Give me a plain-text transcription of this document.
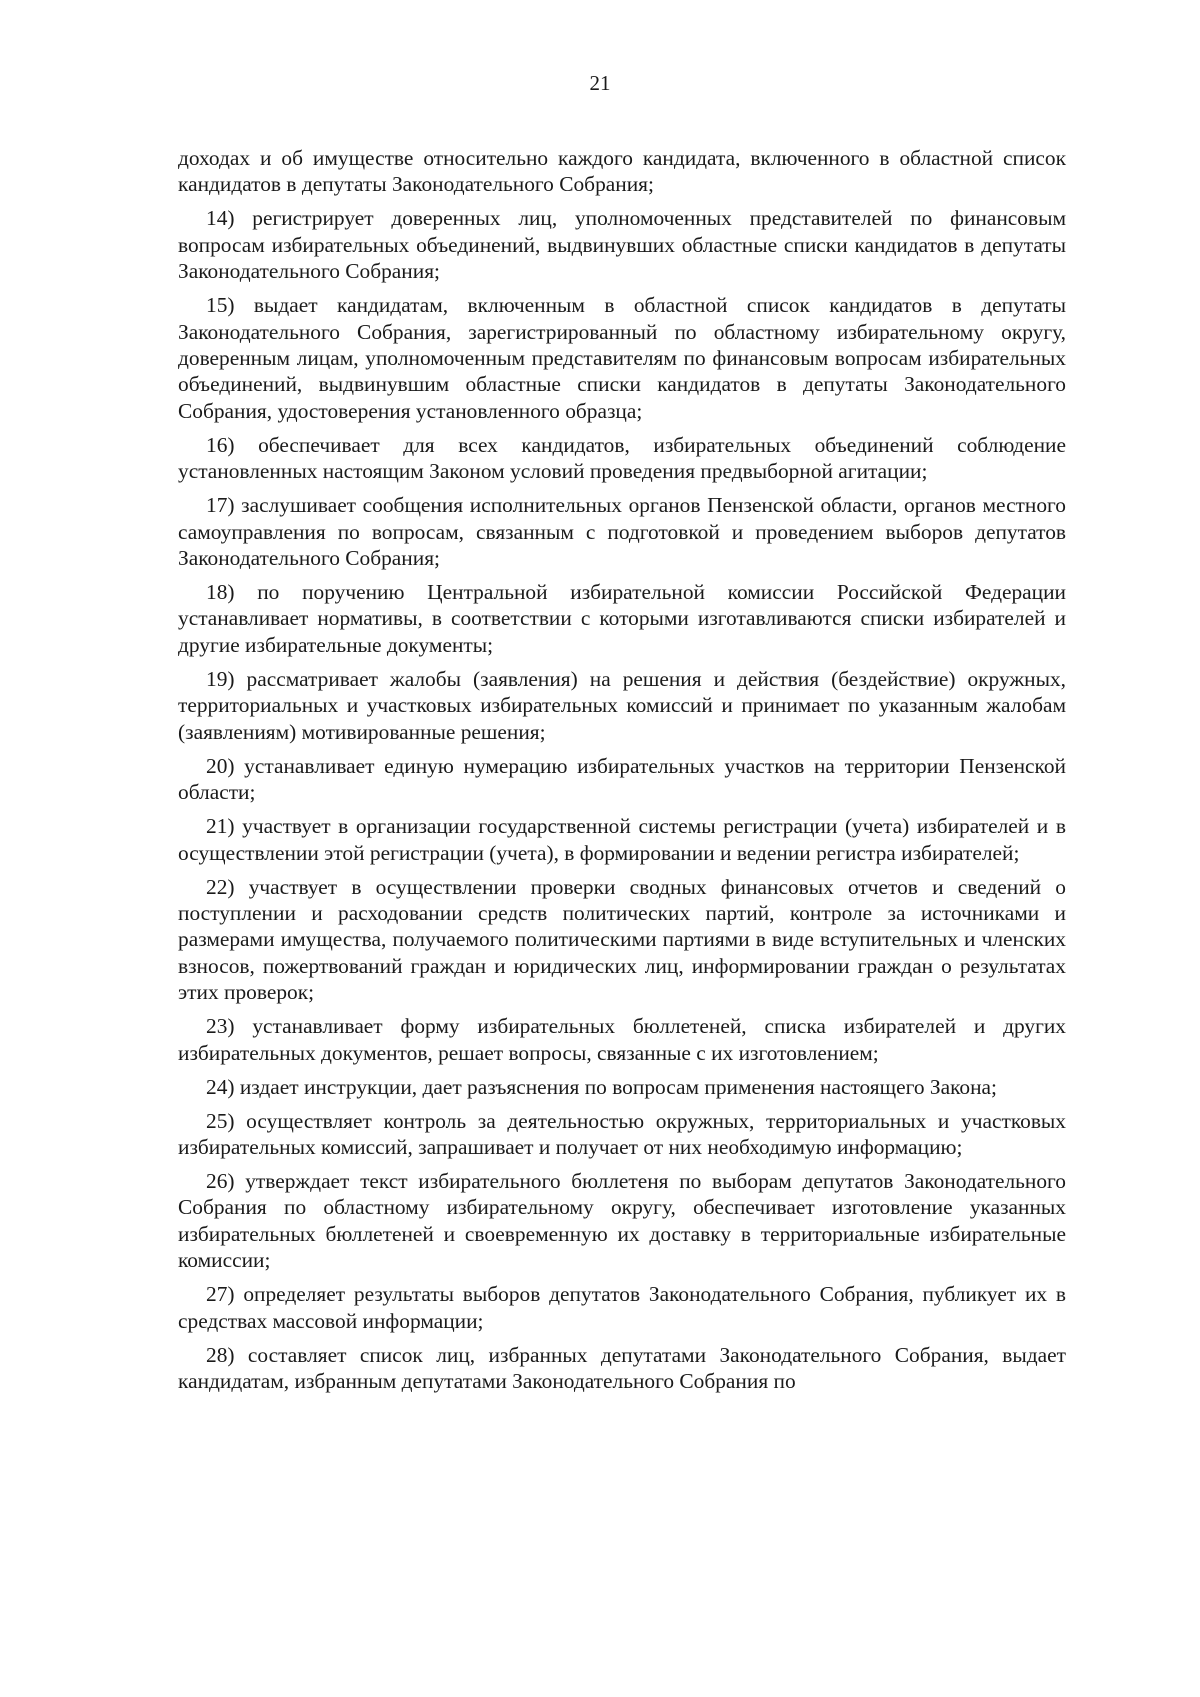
21

доходах и об имуществе относительно каждого кандидата, включенного в областной список кандидатов в депутаты Законодательного Собрания;

14) регистрирует доверенных лиц, уполномоченных представителей по финансовым вопросам избирательных объединений, выдвинувших областные списки кандидатов в депутаты Законодательного Собрания;

15) выдает кандидатам, включенным в областной список кандидатов в депутаты Законодательного Собрания, зарегистрированный по областному избирательному округу, доверенным лицам, уполномоченным представителям по финансовым вопросам избирательных объединений, выдвинувшим областные списки кандидатов в депутаты Законодательного Собрания, удостоверения установленного образца;

16) обеспечивает для всех кандидатов, избирательных объединений соблюдение установленных настоящим Законом условий проведения предвыборной агитации;

17) заслушивает сообщения исполнительных органов Пензенской области, органов местного самоуправления по вопросам, связанным с подготовкой и проведением выборов депутатов Законодательного Собрания;

18) по поручению Центральной избирательной комиссии Российской Федерации устанавливает нормативы, в соответствии с которыми изготавливаются списки избирателей и другие избирательные документы;

19) рассматривает жалобы (заявления) на решения и действия (бездействие) окружных, территориальных и участковых избирательных комиссий и принимает по указанным жалобам (заявлениям) мотивированные решения;

20) устанавливает единую нумерацию избирательных участков на территории Пензенской области;

21) участвует в организации государственной системы регистрации (учета) избирателей и в осуществлении этой регистрации (учета), в формировании и ведении регистра избирателей;

22) участвует в осуществлении проверки сводных финансовых отчетов и сведений о поступлении и расходовании средств политических партий, контроле за источниками и размерами имущества, получаемого политическими партиями в виде вступительных и членских взносов, пожертвований граждан и юридических лиц, информировании граждан о результатах этих проверок;

23) устанавливает форму избирательных бюллетеней, списка избирателей и других избирательных документов, решает вопросы, связанные с их изготовлением;

24) издает инструкции, дает разъяснения по вопросам применения настоящего Закона;

25) осуществляет контроль за деятельностью окружных, территориальных и участковых избирательных комиссий, запрашивает и получает от них необходимую информацию;

26) утверждает текст избирательного бюллетеня по выборам депутатов Законодательного Собрания по областному избирательному округу, обеспечивает изготовление указанных избирательных бюллетеней и своевременную их доставку в территориальные избирательные комиссии;

27) определяет результаты выборов депутатов Законодательного Собрания, публикует их в средствах массовой информации;

28) составляет список лиц, избранных депутатами Законодательного Собрания, выдает кандидатам, избранным депутатами Законодательного Собрания по
